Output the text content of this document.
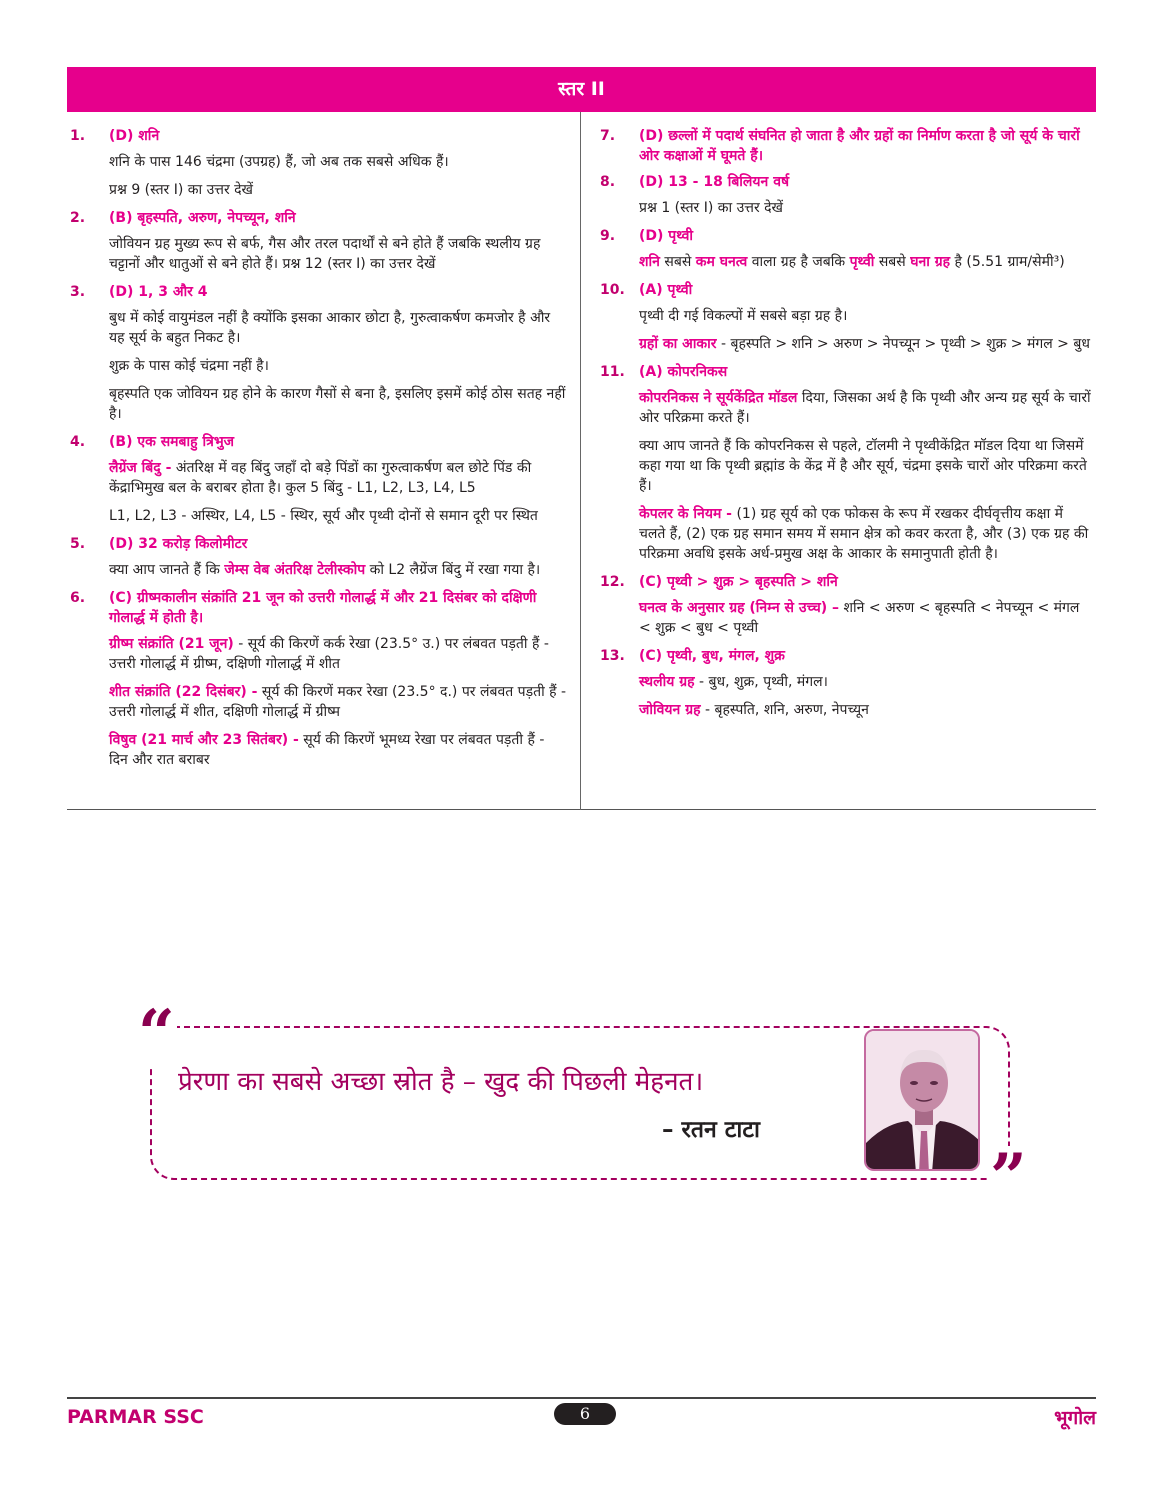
स्तर II
1. (D) शनि

शनि के पास 146 चंद्रमा (उपग्रह) हैं, जो अब तक सबसे अधिक हैं।

प्रश्न 9 (स्तर I) का उत्तर देखें

2. (B) बृहस्पति, अरुण, नेपच्यून, शनि

जोवियन ग्रह मुख्य रूप से बर्फ, गैस और तरल पदार्थों से बने होते हैं जबकि स्थलीय ग्रह चट्टानों और धातुओं से बने होते हैं। प्रश्न 12 (स्तर I) का उत्तर देखें

3. (D) 1, 3 और 4

बुध में कोई वायुमंडल नहीं है क्योंकि इसका आकार छोटा है, गुरुत्वाकर्षण कमजोर है और यह सूर्य के बहुत निकट है।

शुक्र के पास कोई चंद्रमा नहीं है।

बृहस्पति एक जोवियन ग्रह होने के कारण गैसों से बना है, इसलिए इसमें कोई ठोस सतह नहीं है।

4. (B) एक समबाहु त्रिभुज

लैग्रेंज बिंदु - अंतरिक्ष में वह बिंदु जहाँ दो बड़े पिंडों का गुरुत्वाकर्षण बल छोटे पिंड की केंद्राभिमुख बल के बराबर होता है। कुल 5 बिंदु - L1, L2, L3, L4, L5

L1, L2, L3 - अस्थिर, L4, L5 - स्थिर, सूर्य और पृथ्वी दोनों से समान दूरी पर स्थित

5. (D) 32 करोड़ किलोमीटर

क्या आप जानते हैं कि जेम्स वेब अंतरिक्ष टेलीस्कोप को L2 लैग्रेंज बिंदु में रखा गया है।

6. (C) ग्रीष्मकालीन संक्रांति 21 जून को उत्तरी गोलार्द्ध में और 21 दिसंबर को दक्षिणी गोलार्द्ध में होती है।

ग्रीष्म संक्रांति (21 जून) - सूर्य की किरणें कर्क रेखा (23.5° उ.) पर लंबवत पड़ती हैं - उत्तरी गोलार्द्ध में ग्रीष्म, दक्षिणी गोलार्द्ध में शीत

शीत संक्रांति (22 दिसंबर) - सूर्य की किरणें मकर रेखा (23.5° द.) पर लंबवत पड़ती हैं - उत्तरी गोलार्द्ध में शीत, दक्षिणी गोलार्द्ध में ग्रीष्म

विषुव (21 मार्च और 23 सितंबर) - सूर्य की किरणें भूमध्य रेखा पर लंबवत पड़ती हैं - दिन और रात बराबर

7. (D) छल्लों में पदार्थ संघनित हो जाता है और ग्रहों का निर्माण करता है जो सूर्य के चारों ओर कक्षाओं में घूमते हैं।
8. (D) 13 - 18 बिलियन वर्ष

प्रश्न 1 (स्तर I) का उत्तर देखें

9. (D) पृथ्वी

शनि सबसे कम घनत्व वाला ग्रह है जबकि पृथ्वी सबसे घना ग्रह है (5.51 ग्राम/सेमी³)

10. (A) पृथ्वी

पृथ्वी दी गई विकल्पों में सबसे बड़ा ग्रह है।

ग्रहों का आकार - बृहस्पति > शनि > अरुण > नेपच्यून > पृथ्वी > शुक्र > मंगल > बुध

11. (A) कोपरनिकस

कोपरनिकस ने सूर्यकेंद्रित मॉडल दिया, जिसका अर्थ है कि पृथ्वी और अन्य ग्रह सूर्य के चारों ओर परिक्रमा करते हैं।

क्या आप जानते हैं कि कोपरनिकस से पहले, टॉलमी ने पृथ्वीकेंद्रित मॉडल दिया था जिसमें कहा गया था कि पृथ्वी ब्रह्मांड के केंद्र में है और सूर्य, चंद्रमा इसके चारों ओर परिक्रमा करते हैं।

केपलर के नियम - (1) ग्रह सूर्य को एक फोकस के रूप में रखकर दीर्घवृत्तीय कक्षा में चलते हैं, (2) एक ग्रह समान समय में समान क्षेत्र को कवर करता है, और (3) एक ग्रह की परिक्रमा अवधि इसके अर्ध-प्रमुख अक्ष के आकार के समानुपाती होती है।

12. (C) पृथ्वी > शुक्र > बृहस्पति > शनि

घनत्व के अनुसार ग्रह (निम्न से उच्च) – शनि < अरुण < बृहस्पति < नेपच्यून < मंगल < शुक्र < बुध < पृथ्वी

13. (C) पृथ्वी, बुध, मंगल, शुक्र

स्थलीय ग्रह - बुध, शुक्र, पृथ्वी, मंगल।

जोवियन ग्रह - बृहस्पति, शनि, अरुण, नेपच्यून

“
”
प्रेरणा का सबसे अच्छा स्रोत है – खुद की पिछली मेहनत।
– रतन टाटा
PARMAR SSC	6	भूगोल
